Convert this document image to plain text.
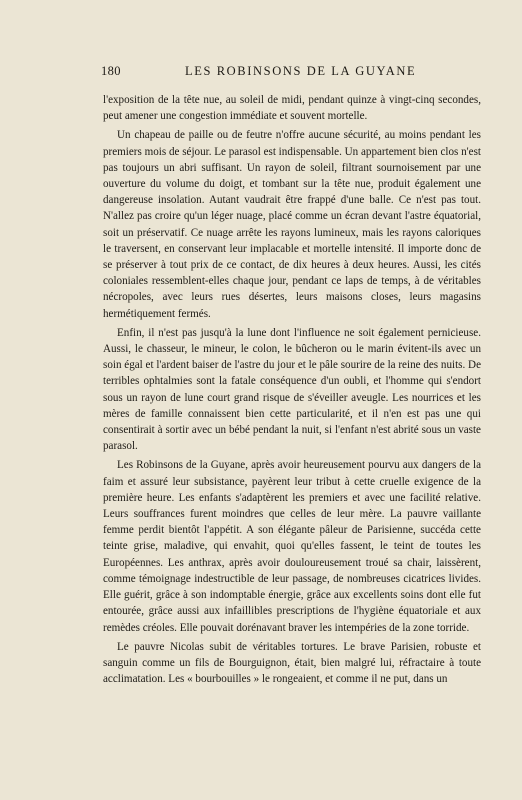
180	LES ROBINSONS DE LA GUYANE

l'exposition de la tête nue, au soleil de midi, pendant quinze à vingt-cinq secondes, peut amener une congestion immédiate et souvent mortelle.

Un chapeau de paille ou de feutre n'offre aucune sécurité, au moins pendant les premiers mois de séjour. Le parasol est indispensable. Un appartement bien clos n'est pas toujours un abri suffisant. Un rayon de soleil, filtrant sournoisement par une ouverture du volume du doigt, et tombant sur la tête nue, produit également une dangereuse insolation. Autant vaudrait être frappé d'une balle. Ce n'est pas tout. N'allez pas croire qu'un léger nuage, placé comme un écran devant l'astre équatorial, soit un préservatif. Ce nuage arrête les rayons lumineux, mais les rayons caloriques le traversent, en conservant leur implacable et mortelle intensité. Il importe donc de se préserver à tout prix de ce contact, de dix heures à deux heures. Aussi, les cités coloniales ressemblent-elles chaque jour, pendant ce laps de temps, à de véritables nécropoles, avec leurs rues désertes, leurs maisons closes, leurs magasins hermétiquement fermés.

Enfin, il n'est pas jusqu'à la lune dont l'influence ne soit également pernicieuse. Aussi, le chasseur, le mineur, le colon, le bûcheron ou le marin évitent-ils avec un soin égal et l'ardent baiser de l'astre du jour et le pâle sourire de la reine des nuits. De terribles ophtalmies sont la fatale conséquence d'un oubli, et l'homme qui s'endort sous un rayon de lune court grand risque de s'éveiller aveugle. Les nourrices et les mères de famille connaissent bien cette particularité, et il n'en est pas une qui consentirait à sortir avec un bébé pendant la nuit, si l'enfant n'est abrité sous un vaste parasol.

Les Robinsons de la Guyane, après avoir heureusement pourvu aux dangers de la faim et assuré leur subsistance, payèrent leur tribut à cette cruelle exigence de la première heure. Les enfants s'adaptèrent les premiers et avec une facilité relative. Leurs souffrances furent moindres que celles de leur mère. La pauvre vaillante femme perdit bientôt l'appétit. A son élégante pâleur de Parisienne, succéda cette teinte grise, maladive, qui envahit, quoi qu'elles fassent, le teint de toutes les Européennes. Les anthrax, après avoir douloureusement troué sa chair, laissèrent, comme témoignage indestructible de leur passage, de nombreuses cicatrices livides. Elle guérit, grâce à son indomptable énergie, grâce aux excellents soins dont elle fut entourée, grâce aussi aux infaillibles prescriptions de l'hygiène équatoriale et aux remèdes créoles. Elle pouvait dorénavant braver les intempéries de la zone torride.

Le pauvre Nicolas subit de véritables tortures. Le brave Parisien, robuste et sanguin comme un fils de Bourguignon, était, bien malgré lui, réfractaire à toute acclimatation. Les « bourbouilles » le rongeaient, et comme il ne put, dans un
